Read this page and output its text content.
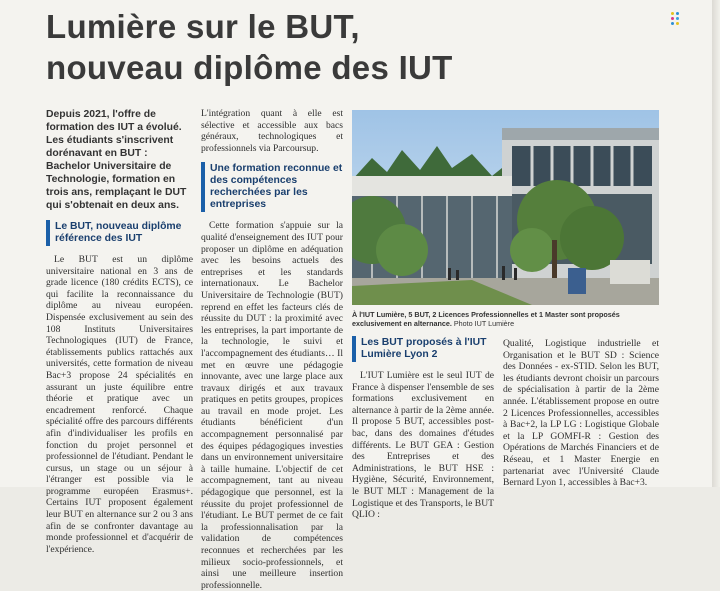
Lumière sur le BUT,
nouveau diplôme des IUT
Depuis 2021, l'offre de formation des IUT a évolué. Les étudiants s'inscrivent dorénavant en BUT : Bachelor Universitaire de Technologie, formation en trois ans, remplaçant le DUT qui s'obtenait en deux ans.
Le BUT, nouveau diplôme référence des IUT

Le BUT est un diplôme universitaire national en 3 ans de grade licence (180 crédits ECTS), ce qui facilite la reconnaissance du diplôme au niveau européen. Dispensée exclusivement au sein des 108 Instituts Universitaires Technologiques (IUT) de France, établissements publics rattachés aux universités, cette formation de niveau Bac+3 propose 24 spécialités en assurant un juste équilibre entre théorie et pratique avec un encadrement renforcé. Chaque spécialité offre des parcours différents afin d'individualiser les profils en fonction du projet personnel et professionnel de l'étudiant. Pendant le cursus, un stage ou un séjour à l'étranger est possible via le programme européen Erasmus+. Certains IUT proposent également leur BUT en alternance sur 2 ou 3 ans afin de se confronter davantage au monde professionnel et d'acquérir de l'expérience.

L'intégration quant à elle est sélective et accessible aux bacs généraux, technologiques et professionnels via Parcoursup.

Une formation reconnue et des compétences recherchées par les entreprises

Cette formation s'appuie sur la qualité d'enseignement des IUT pour proposer un diplôme en adéquation avec les besoins actuels des entreprises et les standards internationaux. Le Bachelor Universitaire de Technologie (BUT) reprend en effet les facteurs clés de réussite du DUT : la proximité avec les entreprises, la part importante de la technologie, le suivi et l'accompagnement des étudiants… Il met en œuvre une pédagogie innovante, avec une large place aux travaux dirigés et aux travaux pratiques en petits groupes, propices au travail en mode projet. Les étudiants bénéficient d'un accompagnement personnalisé par des équipes pédagogiques investies dans un environnement universitaire à taille humaine. L'objectif de cet accompagnement, tant au niveau pédagogique que personnel, est la réussite du projet professionnel de l'étudiant. Le BUT permet de ce fait la professionnalisation par la validation de compétences reconnues et recherchées par les milieux socio-professionnels, et ainsi une meilleure insertion professionnelle.

À l'IUT Lumière, 5 BUT, 2 Licences Professionnelles et 1 Master sont proposés exclusivement en alternance. Photo IUT Lumière
Les BUT proposés à l'IUT Lumière Lyon 2

L'IUT Lumière est le seul IUT de France à dispenser l'ensemble de ses formations exclusivement en alternance à partir de la 2ème année. Il propose 5 BUT, accessibles post-bac, dans des domaines d'études différents. Le BUT GEA : Gestion des Entreprises et des Administrations, le BUT HSE : Hygiène, Sécurité, Environnement, le BUT MLT : Management de la Logistique et des Transports, le BUT QLIO :

Qualité, Logistique industrielle et Organisation et le BUT SD : Science des Données - ex-STID. Selon les BUT, les étudiants devront choisir un parcours de spécialisation à partir de la 2ème année. L'établissement propose en outre 2 Licences Professionnelles, accessibles à Bac+2, la LP LG : Logistique Globale et la LP GOMFI-R : Gestion des Opérations de Marchés Financiers et de Réseau, et 1 Master Energie en partenariat avec l'Université Claude Bernard Lyon 1, accessibles à Bac+3.
